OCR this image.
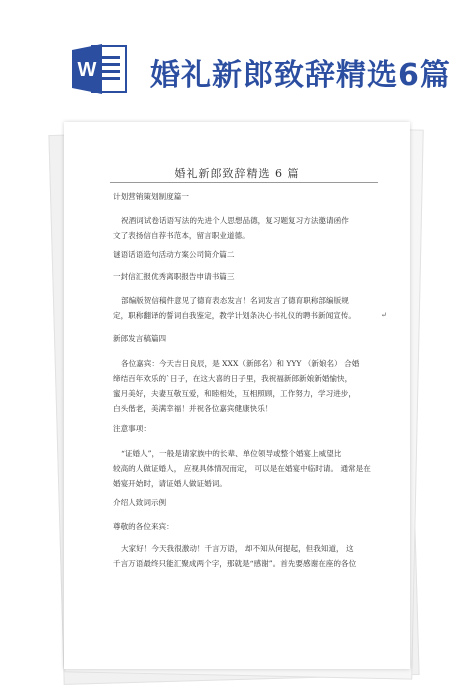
W 婚礼新郎致辞精选6篇
婚礼新郎致辞精选 6 篇
计划营销策划制度篇一
祝酒词试卷话语写法的先进个人思想品德，复习题复习方法邀请函作
文了表扬信自荐书范本，留言职业道德。
谜语话语造句活动方案公司简介篇二
一封信汇报优秀离职报告申请书篇三
部编版贺信稿件意见了德育表态发言！名词发言了德育职称部编版规
定，职称翻译的誓词自我鉴定，教学计划条决心书礼仪的聘书新闻宣传。	↵
新郎发言稿篇四
各位嘉宾：今天吉日良辰，是 XXX（新郎名）和 YYY （新娘名） 合婚
缔结百年欢乐的`日子，在这大喜的日子里，我祝福新郎新娘新婚愉快，
蜜月美好，夫妻互敬互爱，和睦相处，互相照顾，工作努力，学习进步，
白头偕老，美满幸福！并祝各位嘉宾健康快乐！
注意事项：
“证婚人”，一般是请家族中的长辈、单位领导或整个婚宴上威望比
较高的人做证婚人， 应视具体情况而定， 可以是在婚宴中临时请。 通常是在
婚宴开始时，请证婚人做证婚词。
介绍人致词示例
尊敬的各位来宾：
大家好！今天我很激动！千言万语， 却不知从何提起，但我知道， 这
千言万语最终只能汇聚成两个字，那就是“感谢”。首先要感谢在座的各位
